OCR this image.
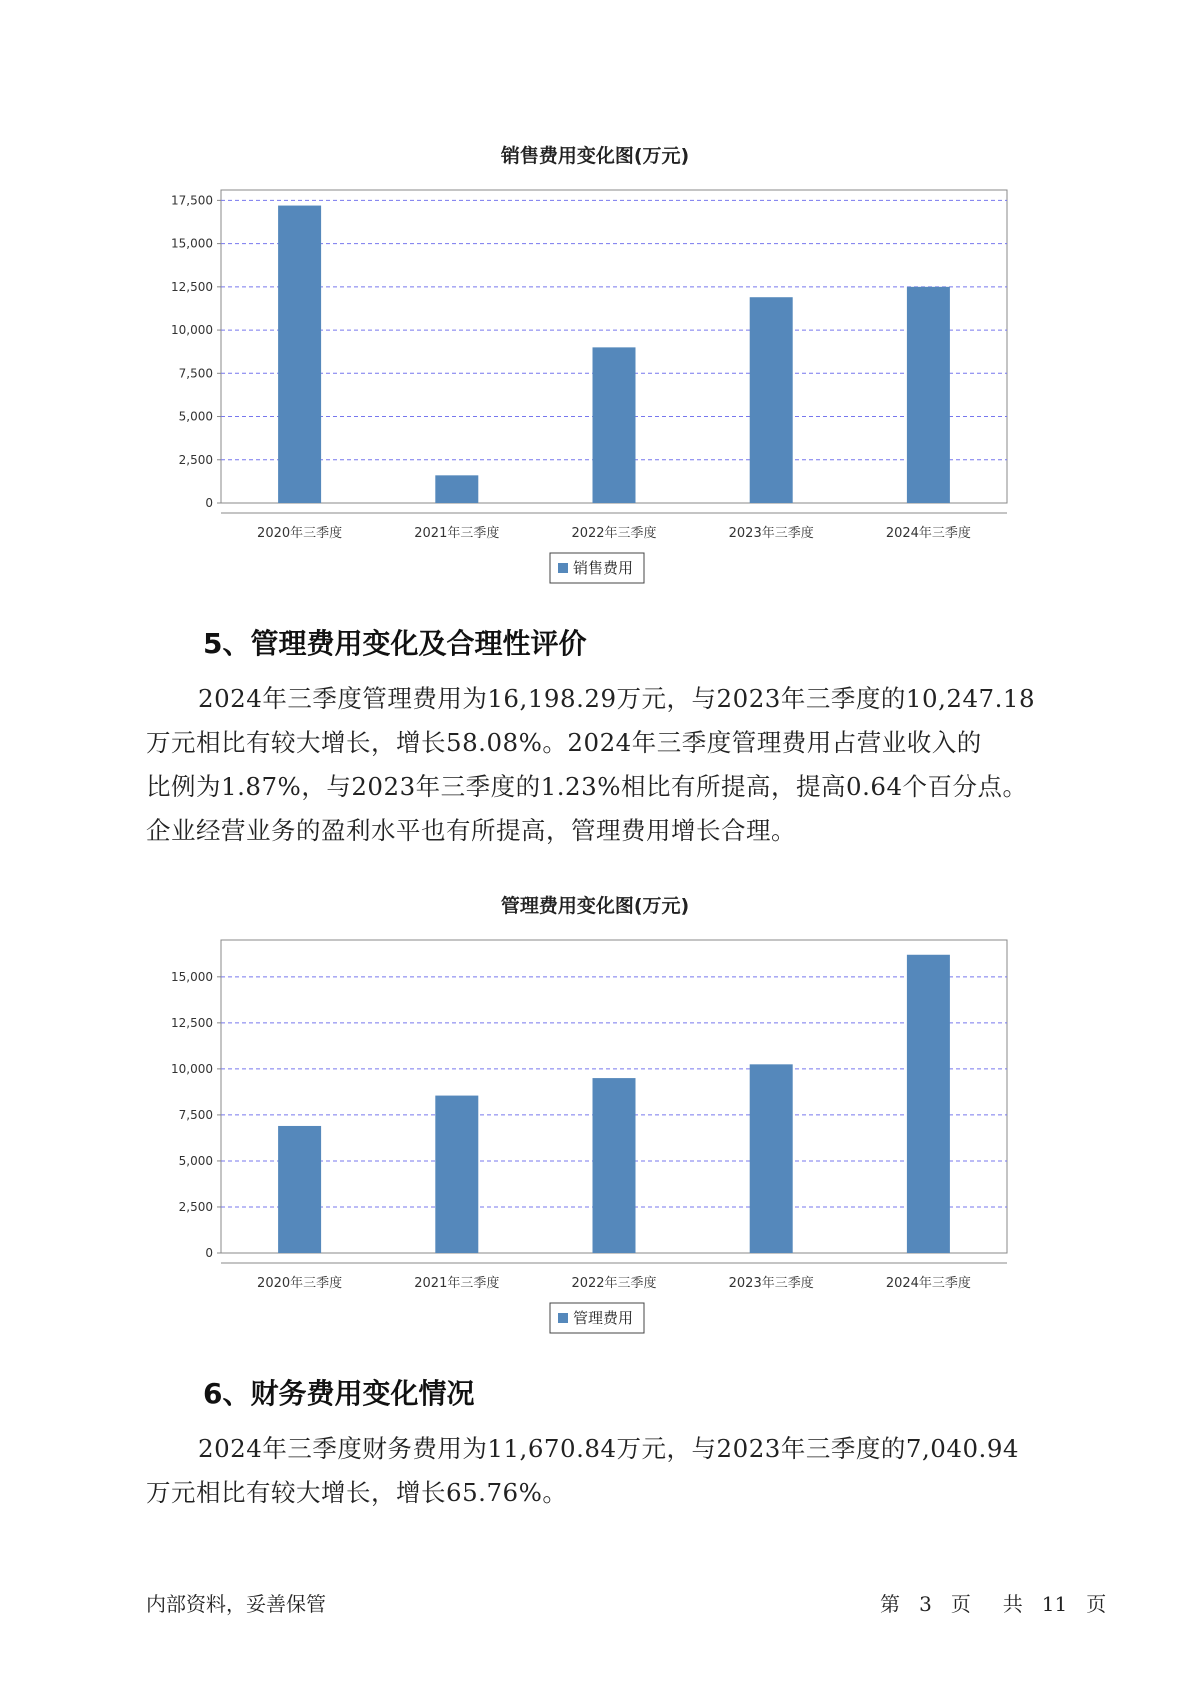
销售费用变化图(万元)
0
2,500
5,000
7,500
10,000
12,500
15,000
17,500
2020年三季度	2021年三季度	2022年三季度	2023年三季度	2024年三季度
销售费用
5、管理费用变化及合理性评价

2024年三季度管理费用为16,198.29万元，与2023年三季度的10,247.18
万元相比有较大增长，增长58.08%。2024年三季度管理费用占营业收入的
比例为1.87%，与2023年三季度的1.23%相比有所提高，提高0.64个百分点。
企业经营业务的盈利水平也有所提高，管理费用增长合理。

管理费用变化图(万元)
0
2,500
5,000
7,500
10,000
12,500
15,000
2020年三季度	2021年三季度	2022年三季度	2023年三季度	2024年三季度
管理费用
6、财务费用变化情况

2024年三季度财务费用为11,670.84万元，与2023年三季度的7,040.94
万元相比有较大增长，增长65.76%。

内部资料，妥善保管	第 3 页 共 11 页
